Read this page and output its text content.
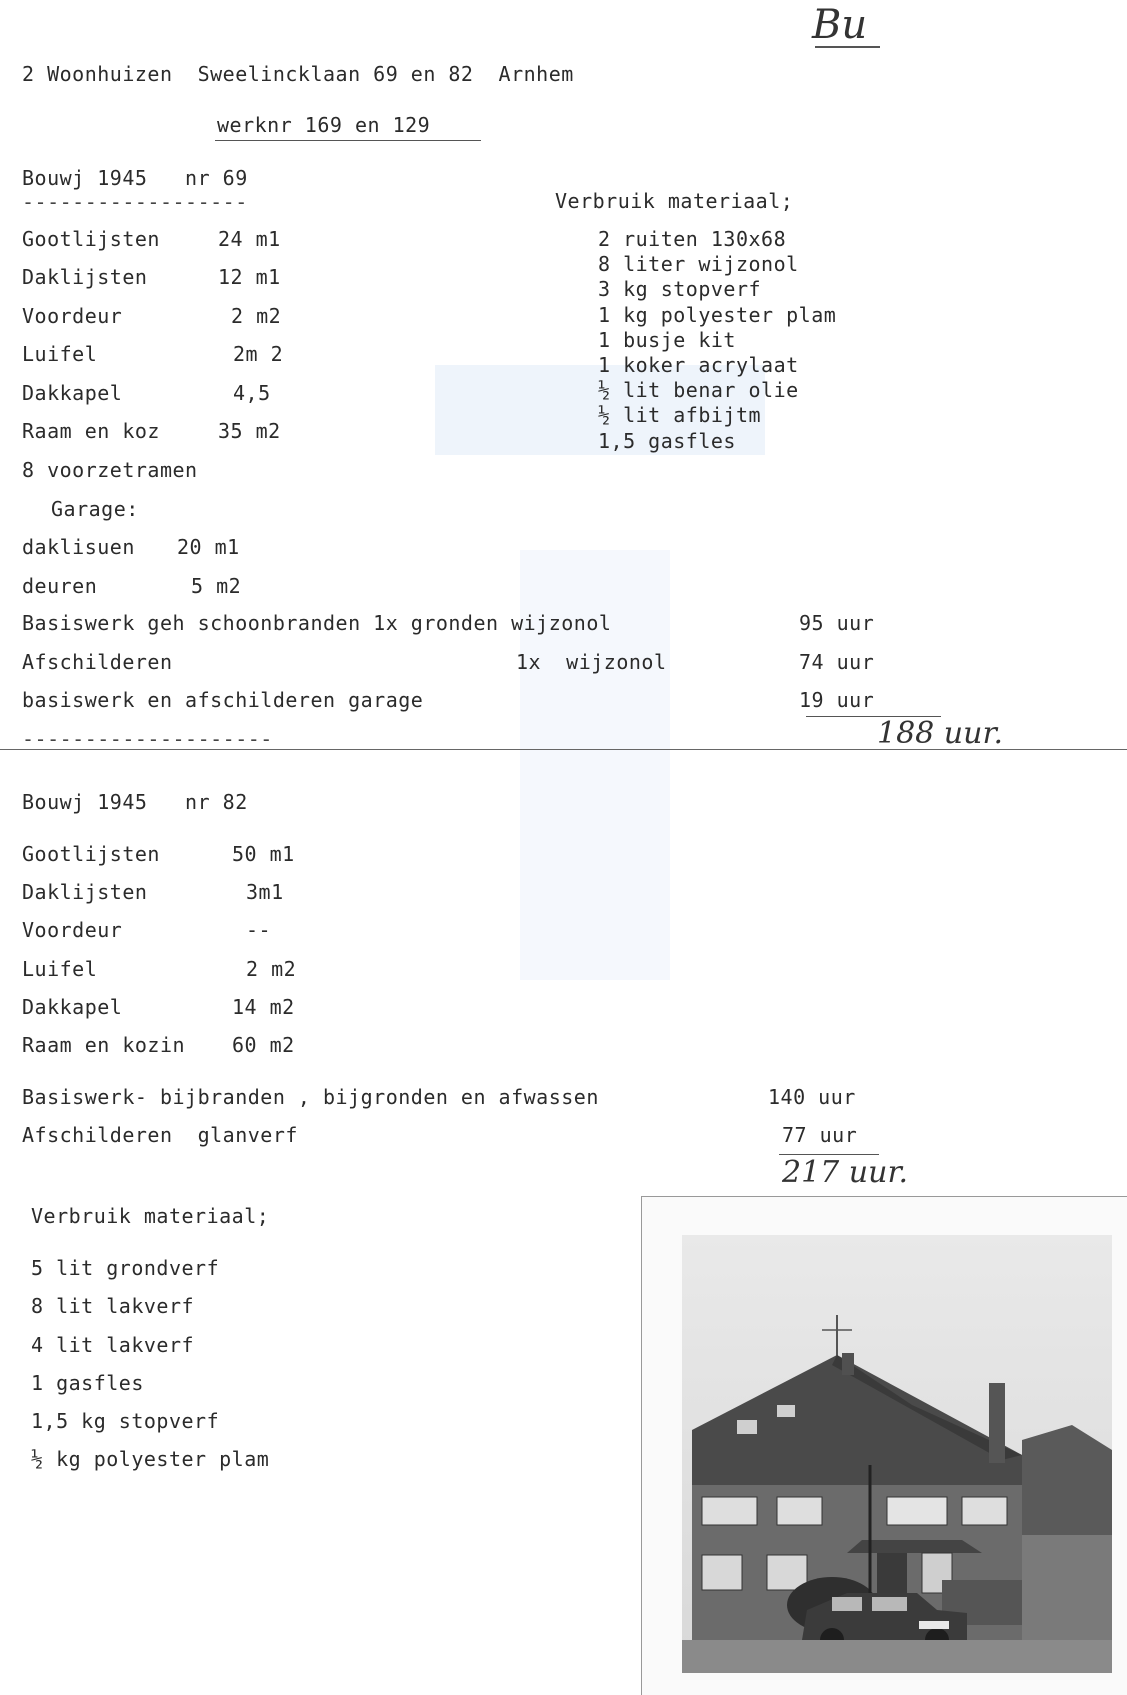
Bu
2 Woonhuizen  Sweelincklaan 69 en 82  Arnhem
werknr 169 en 129
Bouwj 1945   nr 69
------------------
Gootlijsten	24 m1
Daklijsten	12 m1
Voordeur	2 m2
Luifel	2m 2
Dakkapel	4,5
Raam en koz	35 m2
8 voorzetramen
Garage:
daklisuen 20 m1
deuren	5 m2
Verbruik materiaal;
2 ruiten 130x68
8 liter wijzonol
3 kg stopverf
1 kg polyester plam
1 busje kit
1 koker acrylaat
½ lit benar olie
½ lit afbijtm
1,5 gasfles
Basiswerk geh schoonbranden 1x gronden wijzonol	95 uur
Afschilderen	1x  wijzonol	74 uur
basiswerk en afschilderen garage	19 uur
188 uur.
--------------------
Bouwj 1945   nr 82
Gootlijsten	50 m1
Daklijsten	3m1
Voordeur	--
Luifel	2 m2
Dakkapel	14 m2
Raam en kozin 60 m2
Basiswerk- bijbranden , bijgronden en afwassen	140 uur
Afschilderen  glanverf	77 uur
217 uur.
Verbruik materiaal;
5 lit grondverf
8 lit lakverf
4 lit lakverf
1 gasfles
1,5 kg stopverf
½ kg polyester plam
